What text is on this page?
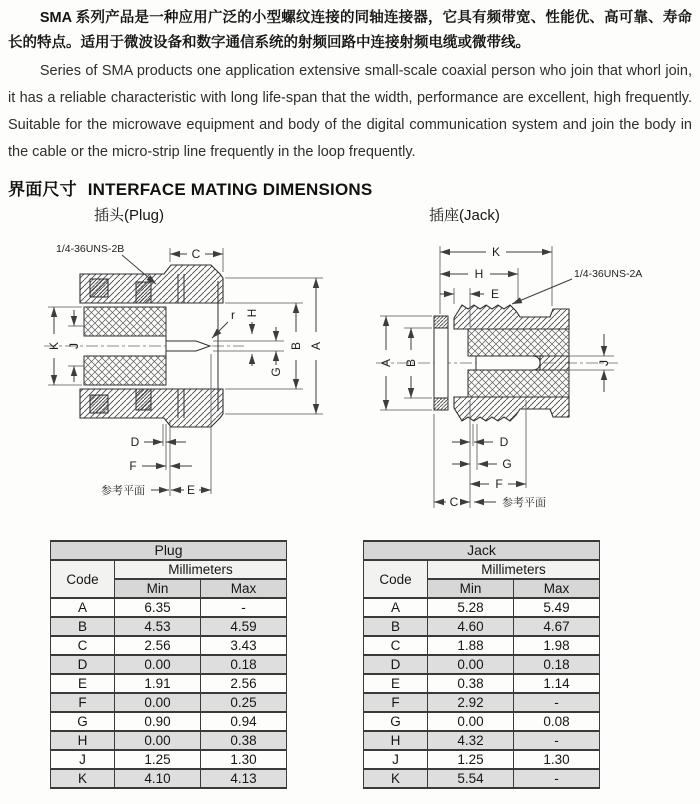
SMA 系列产品是一种应用广泛的小型螺纹连接的同轴连接器，它具有频带宽、性能优、高可靠、寿命长的特点。适用于微波设备和数字通信系统的射频回路中连接射频电缆或微带线。

Series of SMA products one application extensive small-scale coaxial person who join that whorl join, it has a reliable characteristic with long life-span that the width, performance are excellent, high frequently. Suitable for the microwave equipment and body of the digital communication system and join the body in the cable or the micro-strip line frequently in the loop frequently.

界面尺寸 INTERFACE MATING DIMENSIONS
插头(Plug)	插座(Jack)
1/4-36UNS-2B	C
r
K J
H
G
B A
D
F
参考平面	E
K
H
E
1/4-36UNS-2A
A B	J
D
G
F
C	参考平面
Plug		
Code	Millimeters	
	Min	Max
A	6.35	-
B	4.53	4.59
C	2.56	3.43
D	0.00	0.18
E	1.91	2.56
F	0.00	0.25
G	0.90	0.94
H	0.00	0.38
J	1.25	1.30
K	4.10	4.13
Jack		
Code	Millimeters	
	Min	Max
A	5.28	5.49
B	4.60	4.67
C	1.88	1.98
D	0.00	0.18
E	0.38	1.14
F	2.92	-
G	0.00	0.08
H	4.32	-
J	1.25	1.30
K	5.54	-
